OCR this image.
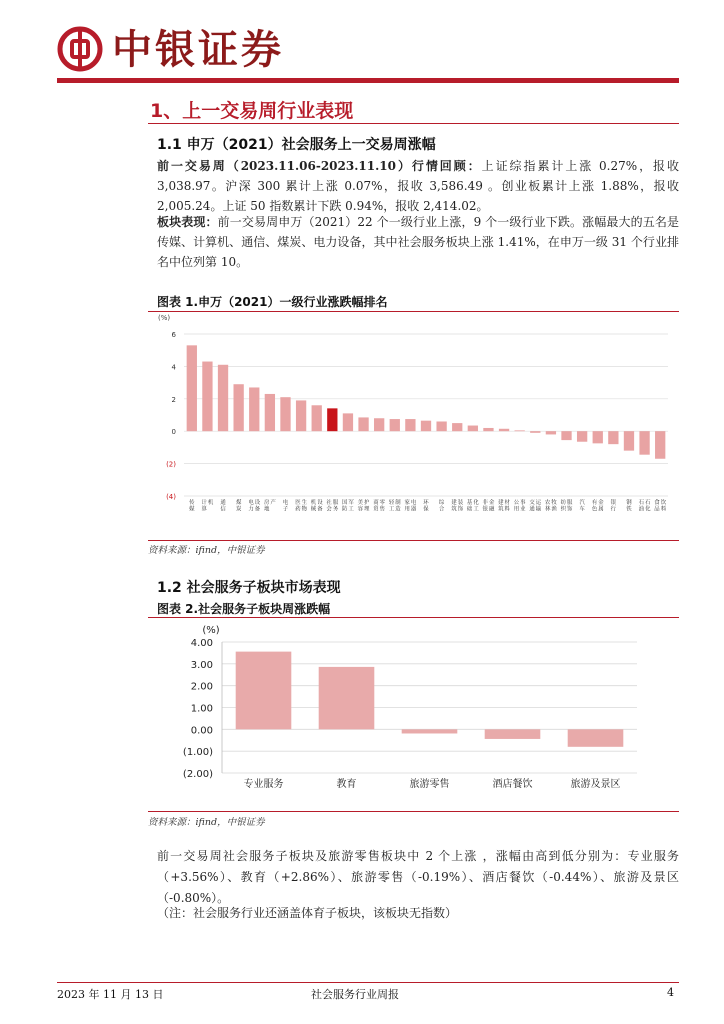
中银证券
1、上一交易周行业表现
1.1 申万（2021）社会服务上一交易周涨幅
前一交易周（2023.11.06-2023.11.10）行情回顾：上证综指累计上涨 0.27%，报收 3,038.97。沪深 300 累计上涨 0.07%，报收 3,586.49 。创业板累计上涨 1.88%，报收 2,005.24。上证 50 指数累计下跌 0.94%，报收 2,414.02。
板块表现：前一交易周申万（2021）22 个一级行业上涨，9 个一级行业下跌。涨幅最大的五名是传媒、计算机、通信、煤炭、电力设备，其中社会服务板块上涨 1.41%，在申万一级 31 个行业排名中位列第 10。
图表 1.申万（2021）一级行业涨跌幅排名
(%)
6
4
2
0
(2)
(4)
传媒
计算机 通信
煤炭
电力设备
房地产 电子
医药生物
机械设备
社会服务
国防军工
美容护理
商贸零售
轻工制造
家用电器
环保
综合
建筑装饰
基础化工
非银金融
建筑材料
公用事业
交通运输
农林牧渔
纺织服饰
汽车
有色金属
银行
钢铁
石油石化
食品饮料
资料来源：ifind，中银证券
1.2 社会服务子板块市场表现
图表 2.社会服务子板块周涨跌幅
(%)
4.00
3.00
2.00
1.00
0.00
(1.00)
(2.00)
专业服务	教育	旅游零售	酒店餐饮	旅游及景区
资料来源：ifind，中银证券
前一交易周社会服务子板块及旅游零售板块中 2 个上涨 ，涨幅由高到低分别为：专业服务（+3.56%）、教育（+2.86%）、旅游零售（-0.19%）、酒店餐饮（-0.44%）、旅游及景区（-0.80%）。
（注：社会服务行业还涵盖体育子板块，该板块无指数）
2023 年 11 月 13 日	社会服务行业周报	4
